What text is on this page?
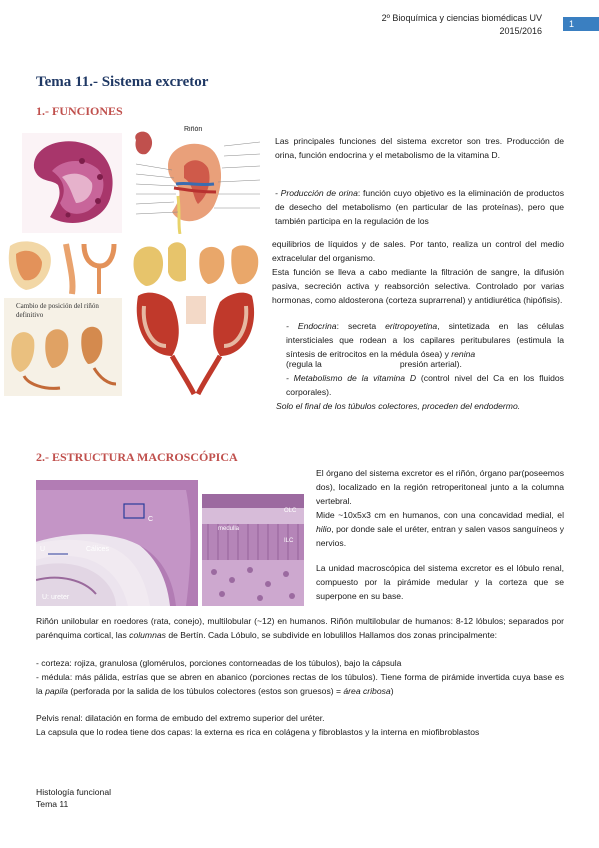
2º Bioquímica y ciencias biomédicas UV
2015/2016
1
Tema 11.- Sistema excretor
1.- FUNCIONES
Riñón
Cambio de posición del riñón definitivo
Las principales funciones del sistema excretor son tres. Producción de orina, función endocrina y el metabolismo de la vitamina D.
- Producción de orina: función cuyo objetivo es la eliminación de productos de desecho del metabolismo (en particular de las proteínas), pero que también participa en la regulación de los
equilibrios de líquidos y de sales. Por tanto, realiza un control del medio extracelular del organismo.
Esta función se lleva a cabo mediante la filtración de sangre, la difusión pasiva, secreción activa y reabsorción selectiva. Controlado por varias hormonas, como aldosterona (corteza suprarrenal) y antidiurética (hipófisis).
- Endocrina: secreta eritropoyetina, sintetizada en las células intersticiales que rodean a los capilares peritubulares (estimula la síntesis de eritrocitos en la médula ósea) y renina
(regula la	presión arterial).
- Metabolismo de la vitamina D (control nivel del Ca en los fluidos corporales).
Solo el final de los túbulos colectores, proceden del endodermo.
2.- ESTRUCTURA MACROSCÓPICA
U	Cálices
C
U: ureter
OLC
ILC
medulla
El órgano del sistema excretor es el riñón, órgano par(poseemos dos), localizado en la región retroperitoneal junto a la columna vertebral.
Mide ~10x5x3 cm en humanos, con una concavidad medial, el hilio, por donde sale el uréter, entran y salen vasos sanguíneos y nervios.
La unidad macroscópica del sistema excretor es el lóbulo renal, compuesto por la pirámide medular y la corteza que se superpone en su base.
Riñón unilobular en roedores (rata, conejo), multilobular (~12) en humanos. Riñón multilobular de humanos: 8-12 lóbulos; separados por parénquima cortical, las columnas de Bertín. Cada Lóbulo, se subdivide en lobulillos Hallamos dos zonas principalmente:
- corteza: rojiza, granulosa (glomérulos, porciones contorneadas de los túbulos), bajo la cápsula
- médula: más pálida, estrías que se abren en abanico (porciones rectas de los túbulos). Tiene forma de pirámide invertida cuya base es la papila (perforada por la salida de los túbulos colectores (estos son gruesos) = área cribosa)
Pelvis renal: dilatación en forma de embudo del extremo superior del uréter.
La capsula que lo rodea tiene dos capas: la externa es rica en colágena y fibroblastos y la interna en miofibroblastos
Histología funcional
Tema 11
